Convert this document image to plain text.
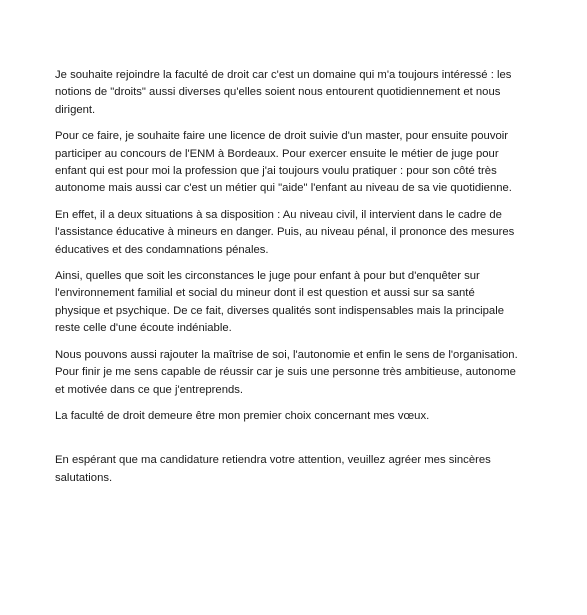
Je souhaite rejoindre la faculté de droit car c'est un domaine qui m'a toujours intéressé : les notions de "droits" aussi diverses qu'elles soient nous entourent quotidiennement et nous dirigent.

Pour ce faire, je souhaite faire une licence de droit suivie d'un master, pour ensuite pouvoir participer au concours de l'ENM à Bordeaux. Pour exercer ensuite le métier de juge pour enfant qui est pour moi la profession que j'ai toujours voulu pratiquer : pour son côté très autonome mais aussi car c'est un métier qui "aide" l'enfant au niveau de sa vie quotidienne.

En effet, il a deux situations à sa disposition : Au niveau civil, il intervient dans le cadre de l'assistance éducative à mineurs en danger. Puis, au niveau pénal, il prononce des mesures éducatives et des condamnations pénales.

Ainsi, quelles que soit les circonstances le juge pour enfant à pour but d'enquêter sur l'environnement familial et social du mineur dont il est question et aussi sur sa santé physique et psychique. De ce fait, diverses qualités sont indispensables mais la principale reste celle d'une écoute indéniable.

Nous pouvons aussi rajouter la maîtrise de soi, l'autonomie et enfin le sens de l'organisation. Pour finir je me sens capable de réussir car je suis une personne très ambitieuse, autonome et motivée dans ce que j'entreprends.

La faculté de droit demeure être mon premier choix concernant mes vœux.

En espérant que ma candidature retiendra votre attention, veuillez agréer mes sincères salutations.
